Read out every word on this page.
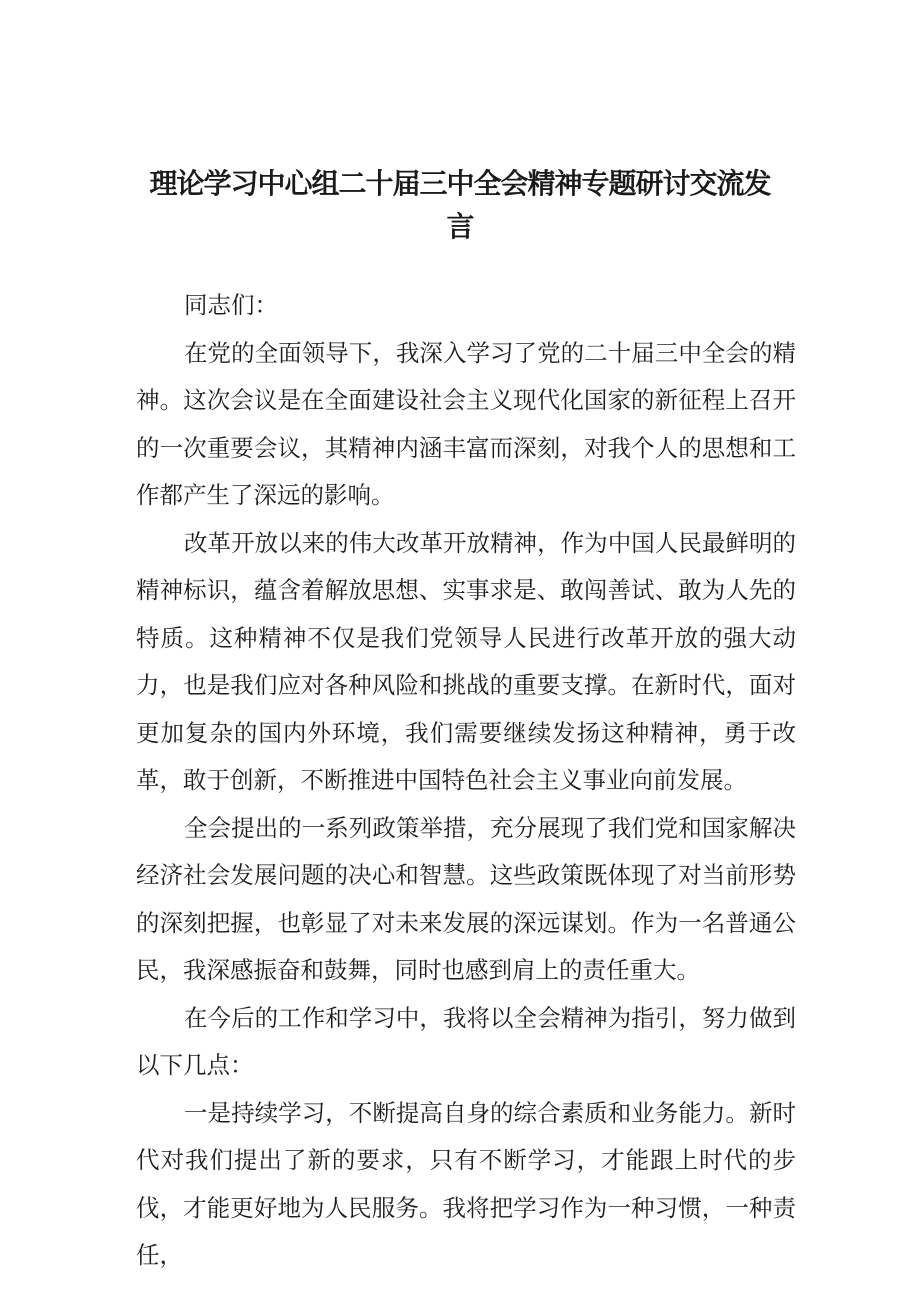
理论学习中心组二十届三中全会精神专题研讨交流发
言

同志们：

在党的全面领导下，我深入学习了党的二十届三中全会的精神。这次会议是在全面建设社会主义现代化国家的新征程上召开的一次重要会议，其精神内涵丰富而深刻，对我个人的思想和工作都产生了深远的影响。

改革开放以来的伟大改革开放精神，作为中国人民最鲜明的精神标识，蕴含着解放思想、实事求是、敢闯善试、敢为人先的特质。这种精神不仅是我们党领导人民进行改革开放的强大动力，也是我们应对各种风险和挑战的重要支撑。在新时代，面对更加复杂的国内外环境，我们需要继续发扬这种精神，勇于改革，敢于创新，不断推进中国特色社会主义事业向前发展。

全会提出的一系列政策举措，充分展现了我们党和国家解决经济社会发展问题的决心和智慧。这些政策既体现了对当前形势的深刻把握，也彰显了对未来发展的深远谋划。作为一名普通公民，我深感振奋和鼓舞，同时也感到肩上的责任重大。

在今后的工作和学习中，我将以全会精神为指引，努力做到以下几点：

一是持续学习，不断提高自身的综合素质和业务能力。新时代对我们提出了新的要求，只有不断学习，才能跟上时代的步伐，才能更好地为人民服务。我将把学习作为一种习惯，一种责任，
